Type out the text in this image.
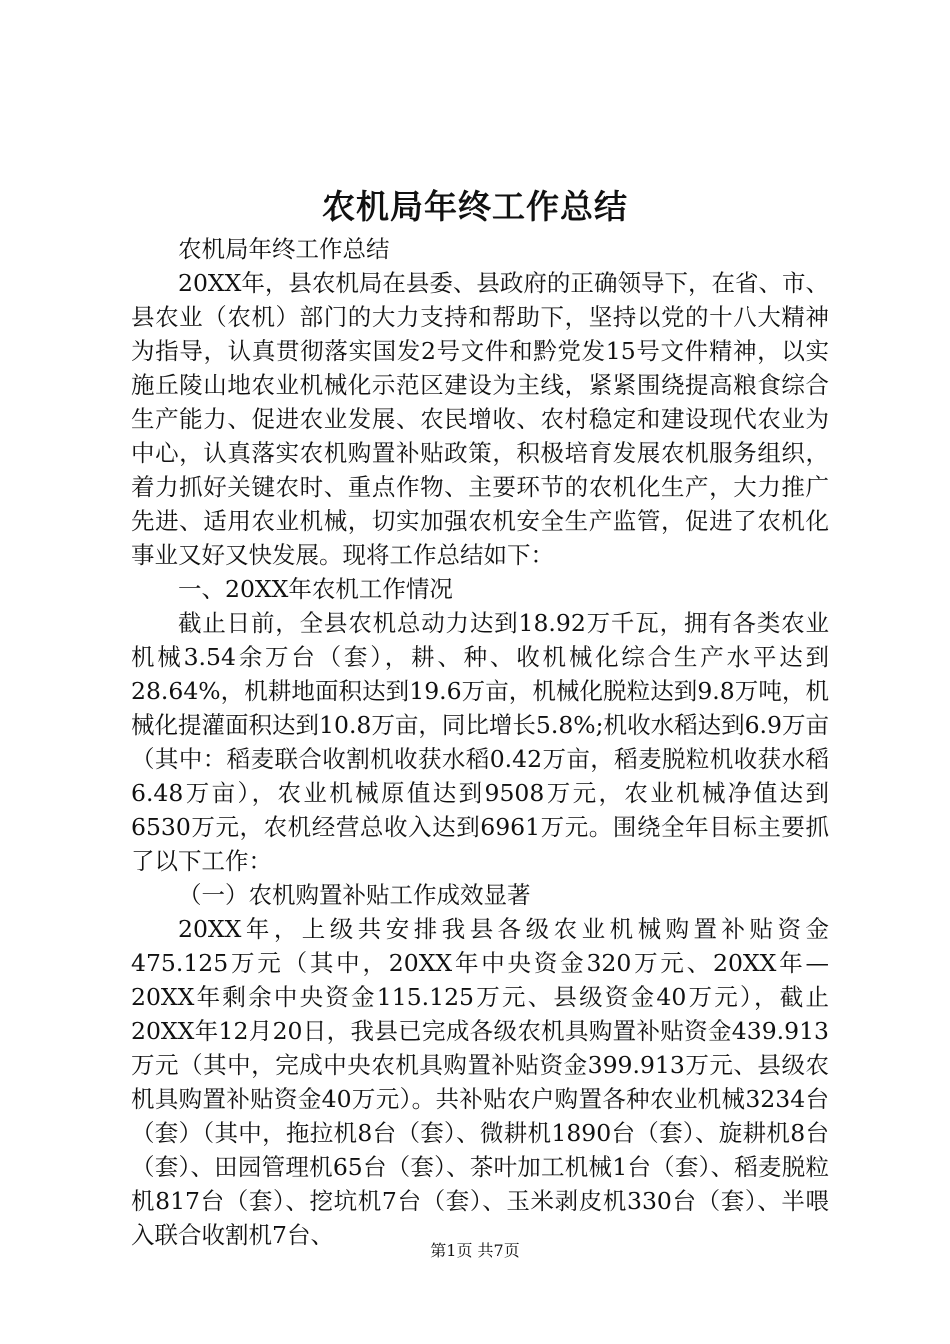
农机局年终工作总结

农机局年终工作总结

20XX年，县农机局在县委、县政府的正确领导下，在省、市、县农业（农机）部门的大力支持和帮助下，坚持以党的十八大精神为指导，认真贯彻落实国发2号文件和黔党发15号文件精神，以实施丘陵山地农业机械化示范区建设为主线，紧紧围绕提高粮食综合生产能力、促进农业发展、农民增收、农村稳定和建设现代农业为中心，认真落实农机购置补贴政策，积极培育发展农机服务组织，着力抓好关键农时、重点作物、主要环节的农机化生产，大力推广先进、适用农业机械，切实加强农机安全生产监管，促进了农机化事业又好又快发展。现将工作总结如下：

一、20XX年农机工作情况

截止日前，全县农机总动力达到18.92万千瓦，拥有各类农业机械3.54余万台（套），耕、种、收机械化综合生产水平达到28.64%，机耕地面积达到19.6万亩，机械化脱粒达到9.8万吨，机械化提灌面积达到10.8万亩，同比增长5.8%;机收水稻达到6.9万亩（其中：稻麦联合收割机收获水稻0.42万亩，稻麦脱粒机收获水稻6.48万亩），农业机械原值达到9508万元，农业机械净值达到6530万元，农机经营总收入达到6961万元。围绕全年目标主要抓了以下工作：

（一）农机购置补贴工作成效显著

20XX年，上级共安排我县各级农业机械购置补贴资金475.125万元（其中，20XX年中央资金320万元、20XX年—20XX年剩余中央资金115.125万元、县级资金40万元），截止20XX年12月20日，我县已完成各级农机具购置补贴资金439.913万元（其中，完成中央农机具购置补贴资金399.913万元、县级农机具购置补贴资金40万元）。共补贴农户购置各种农业机械3234台（套）（其中，拖拉机8台（套）、微耕机1890台（套）、旋耕机8台（套）、田园管理机65台（套）、茶叶加工机械1台（套）、稻麦脱粒机817台（套）、挖坑机7台（套）、玉米剥皮机330台（套）、半喂入联合收割机7台、

第1页 共7页
